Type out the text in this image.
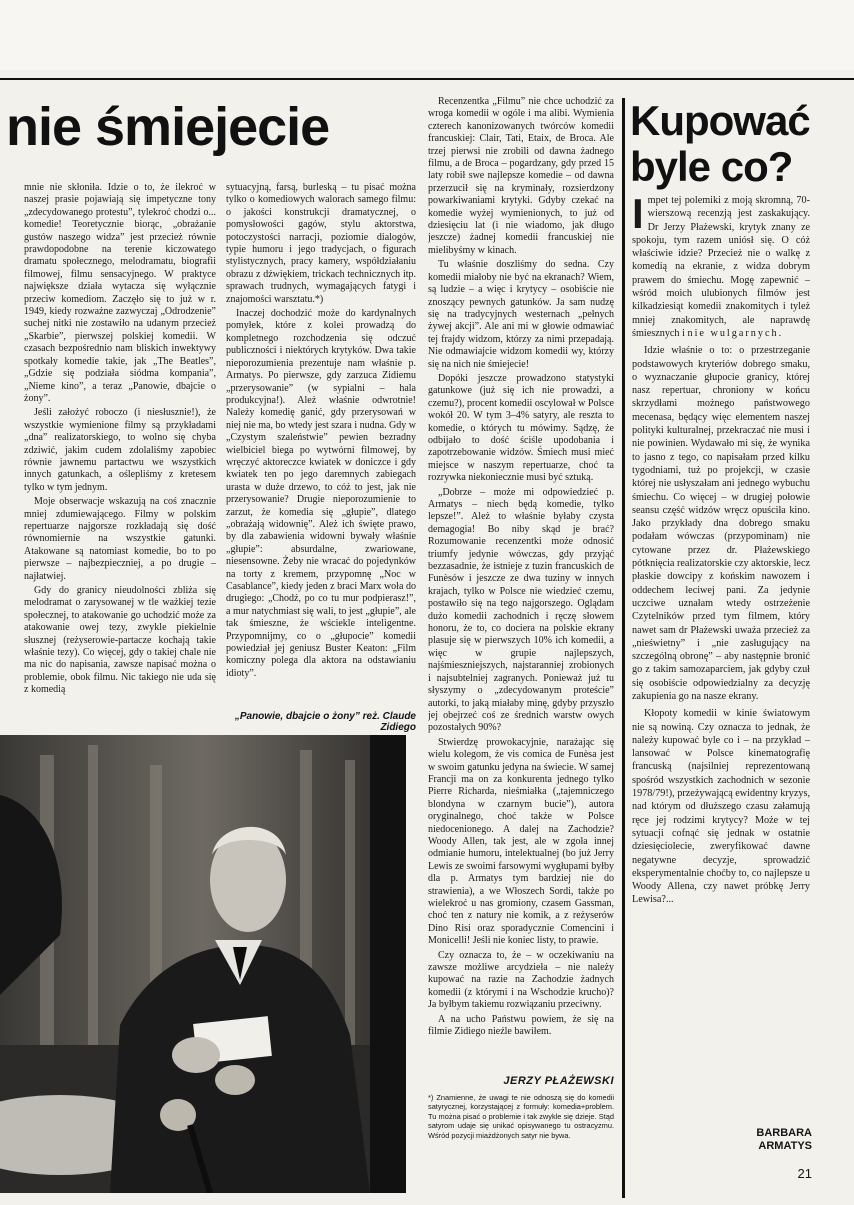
nie śmiejecie	Kupować byle co?

mnie nie skłoniła. Idzie o to, że ilekroć w naszej prasie pojawiają się impetyczne tony „zdecydowanego protestu”, tylekroć chodzi o... komedie! Teoretycznie biorąc, „obrażanie gustów naszego widza” jest przecież równie prawdopodobne na terenie kiczowatego dramatu społecznego, melodramatu, biografii filmowej, filmu sensacyjnego. W praktyce największe działa wytacza się wyłącznie przeciw komediom. Zaczęło się to już w r. 1949, kiedy rozważne zazwyczaj „Odrodzenie” suchej nitki nie zostawiło na udanym przecież „Skarbie”, pierwszej polskiej komedii. W czasach bezpośrednio nam bliskich inwektywy spotkały komedie takie, jak „The Beatles”, „Gdzie się podziała siódma kompania”, „Nieme kino”, a teraz „Panowie, dbajcie o żony”.

Jeśli założyć roboczo (i niesłusznie!), że wszystkie wymienione filmy są przykładami „dna” realizatorskiego, to wolno się chyba zdziwić, jakim cudem zdolaliśmy zapobiec równie jawnemu partactwu we wszystkich innych gatunkach, a oślepliśmy z kretesem tylko w tym jednym.

Moje obserwacje wskazują na coś znacznie mniej zdumiewającego. Filmy w polskim repertuarze najgorsze rozkładają się dość równomiernie na wszystkie gatunki. Atakowane są natomiast komedie, bo to po pierwsze – najbezpieczniej, a po drugie – najłatwiej.

Gdy do granicy nieudolności zbliża się melodramat o zarysowanej w tle ważkiej tezie społecznej, to atakowanie go uchodzić może za atakowanie owej tezy, zwykle piekielnie słusznej (reżyserowie-partacze kochają takie właśnie tezy). Co więcej, gdy o takiej chale nie ma nic do napisania, zawsze napisać można o problemie, obok filmu. Nic takiego nie uda się z komedią

sytuacyjną, farsą, burleską – tu pisać można tylko o komediowych walorach samego filmu: o jakości konstrukcji dramatycznej, o pomysłowości gagów, stylu aktorstwa, potoczystości narracji, poziomie dialogów, typie humoru i jego tradycjach, o figurach stylistycznych, pracy kamery, współdziałaniu obrazu z dźwiękiem, trickach technicznych itp. sprawach trudnych, wymagających fatygi i znajomości warsztatu.*)

Inaczej dochodzić może do kardynalnych pomyłek, które z kolei prowadzą do kompletnego rozchodzenia się odczuć publiczności i niektórych krytyków. Dwa takie nieporozumienia prezentuje nam właśnie p. Armatys. Po pierwsze, gdy zarzuca Zidiemu „przerysowanie” (w sypialni – hala produkcyjna!). Ależ właśnie odwrotnie! Należy komedię ganić, gdy przerysowań w niej nie ma, bo wtedy jest szara i nudna. Gdy w „Czystym szaleństwie” pewien bezradny wielbiciel biega po wytwórni filmowej, by wręczyć aktoreczce kwiatek w doniczce i gdy kwiatek ten po jego daremnych zabiegach urasta w duże drzewo, to cóż to jest, jak nie przerysowanie? Drugie nieporozumienie to zarzut, że komedia się „głupie”, dlatego „obrażają widownię”. Ależ ich święte prawo, by dla zabawienia widowni bywały właśnie „głupie”: absurdalne, zwariowane, niesensowne. Żeby nie wracać do pojedynków na torty z kremem, przypomnę „Noc w Casablance”, kiedy jeden z braci Marx woła do drugiego: „Chodź, po co tu mur podpierasz!”, a mur natychmiast się wali, to jest „głupie”, ale tak śmieszne, że wściekle inteligentne. Przypomnijmy, co o „głupocie” komedii powiedział jej geniusz Buster Keaton: „Film komiczny polega dla aktora na odstawianiu idioty”.

„Panowie, dbajcie o żony” reż. Claude Zidiego

Recenzentka „Filmu” nie chce uchodzić za wroga komedii w ogóle i ma alibi. Wymienia czterech kanonizowanych twórców komedii francuskiej: Clair, Tati, Etaix, de Broca. Ale trzej pierwsi nie zrobili od dawna żadnego filmu, a de Broca – pogardzany, gdy przed 15 laty robił swe najlepsze komedie – od dawna przerzucił się na kryminały, rozsierdzony powarkiwaniami krytyki. Gdyby czekać na komedie wyżej wymienionych, to już od dziesięciu lat (i nie wiadomo, jak długo jeszcze) żadnej komedii francuskiej nie mielibyśmy w kinach.

Tu właśnie doszliśmy do sedna. Czy komedii miałoby nie być na ekranach? Wiem, są ludzie – a więc i krytycy – osobiście nie znoszący pewnych gatunków. Ja sam nudzę się na tradycyjnych westernach „pełnych żywej akcji”. Ale ani mi w głowie odmawiać tej frajdy widzom, którzy za nimi przepadają. Nie odmawiajcie widzom komedii wy, którzy się na nich nie śmiejecie!

Dopóki jeszcze prowadzono statystyki gatunkowe (już się ich nie prowadzi, a czemu?), procent komedii oscylował w Polsce wokół 20. W tym 3–4% satyry, ale reszta to komedie, o których tu mówimy. Sądzę, że odbijało to dość ściśle upodobania i zapotrzebowanie widzów. Śmiech musi mieć miejsce w naszym repertuarze, choć ta rozrywka niekoniecznie musi być sztuką.

„Dobrze – może mi odpowiedzieć p. Armatys – niech będą komedie, tylko lepsze!”. Ależ to właśnie byłaby czysta demagogia! Bo niby skąd je brać? Rozumowanie recenzentki może odnosić triumfy jedynie wówczas, gdy przyjąć bezzasadnie, że istnieje z tuzin francuskich de Funèsów i jeszcze ze dwa tuziny w innych krajach, tylko w Polsce nie wiedzieć czemu, postawiło się na tego najgorszego. Oglądam dużo komedii zachodnich i ręczę słowem honoru, że to, co dociera na polskie ekrany plasuje się w pierwszych 10% ich komedii, a więc w grupie najlepszych, najśmieszniejszych, najstaranniej zrobionych i najsubtelniej zagranych. Ponieważ już tu słyszymy o „zdecydowanym proteście” autorki, to jaką miałaby minę, gdyby przyszło jej obejrzeć coś ze średnich warstw owych pozostałych 90%?

Stwierdzę prowokacyjnie, narażając się wielu kolegom, że vis comica de Funèsa jest w swoim gatunku jedyna na świecie. W samej Francji ma on za konkurenta jednego tylko Pierre Richarda, nieśmiałka („tajemniczego blondyna w czarnym bucie”), autora oryginalnego, choć także w Polsce niedocenionego. A dalej na Zachodzie? Woody Allen, tak jest, ale w zgoła innej odmianie humoru, intelektualnej (bo już Jerry Lewis ze swoimi farsowymi wygłupami byłby dla p. Armatys tym bardziej nie do strawienia), a we Włoszech Sordi, także po wielekroć u nas gromiony, czasem Gassman, choć ten z natury nie komik, a z reżyserów Dino Risi oraz sporadycznie Comencini i Monicelli! Jeśli nie koniec listy, to prawie.

Czy oznacza to, że – w oczekiwaniu na zawsze możliwe arcydzieła – nie należy kupować na razie na Zachodzie żadnych komedii (z którymi i na Wschodzie krucho)? Ja byłbym takiemu rozwiązaniu przeciwny.

A na ucho Państwu powiem, że się na filmie Zidiego nieźle bawiłem.

JERZY PŁAŻEWSKI
*) Znamienne, że uwagi te nie odnoszą się do komedii satyrycznej, korzystającej z formuły: komedia+problem. Tu można pisać o problemie i tak zwykle się dzieje. Stąd satyrom udaje się unikać opisywanego tu ostracyzmu. Wśród pozycji miażdżonych satyr nie bywa.

Impet tej polemiki z moją skromną, 70-wierszową recenzją jest zaskakujący. Dr Jerzy Płażewski, krytyk znany ze spokoju, tym razem uniósł się. O cóż właściwie idzie? Przecież nie o walkę z komedią na ekranie, z widza dobrym prawem do śmiechu. Mogę zapewnić – wśród moich ulubionych filmów jest kilkadziesiąt komedii znakomitych i tyleż mniej znakomitych, ale naprawdę śmiesznych i nie wulgarnych.

Idzie właśnie o to: o przestrzeganie podstawowych kryteriów dobrego smaku, o wyznaczanie głupocie granicy, której nasz repertuar, chroniony w końcu skrzydłami możnego państwowego mecenasa, będący więc elementem naszej polityki kulturalnej, przekraczać nie musi i nie powinien. Wydawało mi się, że wynika to jasno z tego, co napisałam przed kilku tygodniami, tuż po projekcji, w czasie której nie usłyszałam ani jednego wybuchu śmiechu. Co więcej – w drugiej połowie seansu część widzów wręcz opuściła kino. Jako przykłady dna dobrego smaku podałam wówczas (przypominam) nie cytowane przez dr. Płażewskiego pótknięcia realizatorskie czy aktorskie, lecz płaskie dowcipy z końskim nawozem i oddechem leciwej pani. Za jedynie uczciwe uznałam wtedy ostrzeżenie Czytelników przed tym filmem, który nawet sam dr Płażewski uważa przecież za „nieświetny” i „nie zasługujący na szczególną obronę” – aby następnie bronić go z takim samozaparciem, jak gdyby czuł się osobiście odpowiedzialny za decyzję zakupienia go na nasze ekrany.

Kłopoty komedii w kinie światowym nie są nowiną. Czy oznacza to jednak, że należy kupować byle co i – na przykład – lansować w Polsce kinematografię francuską (najsilniej reprezentowaną spośród wszystkich zachodnich w sezonie 1978/79!), przeżywającą ewidentny kryzys, nad którym od dłuższego czasu załamują ręce jej rodzimi krytycy? Może w tej sytuacji cofnąć się jednak w ostatnie dziesięciolecie, zweryfikować dawne negatywne decyzje, sprowadzić eksperymentalnie choćby to, co najlepsze u Woody Allena, czy nawet próbkę Jerry Lewisa?...

BARBARA
ARMATYS
21
